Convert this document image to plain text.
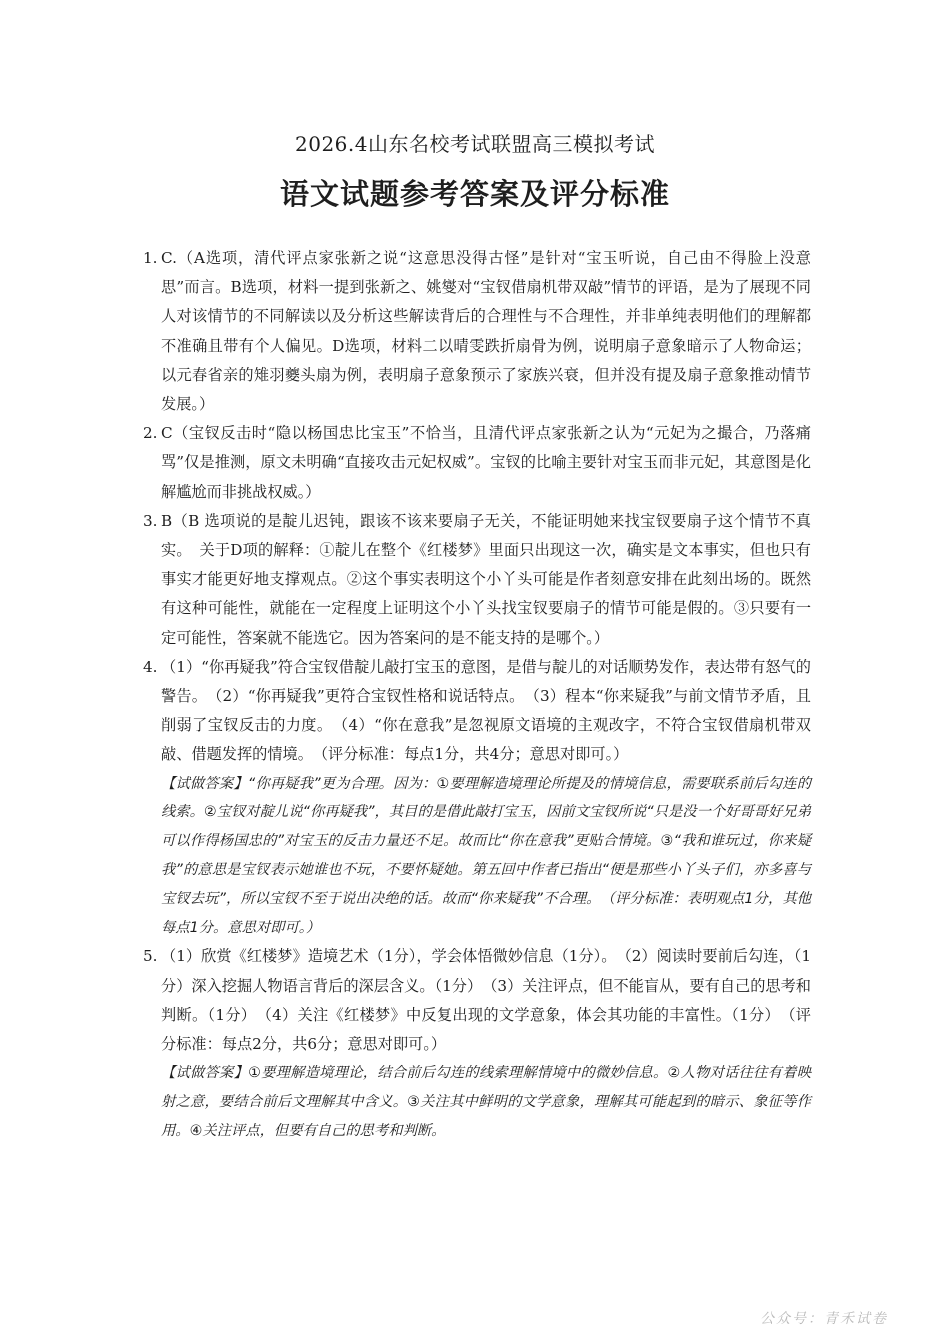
2026.4山东名校考试联盟高三模拟考试
语文试题参考答案及评分标准
1. C.（A选项，清代评点家张新之说“这意思没得古怪”是针对“宝玉听说，自己由不得脸上没意思”而言。B选项，材料一提到张新之、姚燮对“宝钗借扇机带双敲”情节的评语，是为了展现不同人对该情节的不同解读以及分析这些解读背后的合理性与不合理性，并非单纯表明他们的理解都不准确且带有个人偏见。D选项，材料二以晴雯跌折扇骨为例，说明扇子意象暗示了人物命运；以元春省亲的雉羽夔头扇为例，表明扇子意象预示了家族兴衰，但并没有提及扇子意象推动情节发展。）

2. C（宝钗反击时“隐以杨国忠比宝玉”不恰当，且清代评点家张新之认为“元妃为之撮合，乃落痛骂”仅是推测，原文未明确“直接攻击元妃权威”。宝钗的比喻主要针对宝玉而非元妃，其意图是化解尴尬而非挑战权威。）

3. B（B 选项说的是靛儿迟钝，跟该不该来要扇子无关，不能证明她来找宝钗要扇子这个情节不真实。　关于D项的解释：①靛儿在整个《红楼梦》里面只出现这一次，确实是文本事实，但也只有事实才能更好地支撑观点。②这个事实表明这个小丫头可能是作者刻意安排在此刻出场的。既然有这种可能性，就能在一定程度上证明这个小丫头找宝钗要扇子的情节可能是假的。③只要有一定可能性，答案就不能选它。因为答案问的是不能支持的是哪个。）

4. （1）“你再疑我”符合宝钗借靛儿敲打宝玉的意图，是借与靛儿的对话顺势发作，表达带有怒气的警告。　（2）“你再疑我”更符合宝钗性格和说话特点。　（3）程本“你来疑我”与前文情节矛盾，且削弱了宝钗反击的力度。　（4）“你在意我”是忽视原文语境的主观改字，不符合宝钗借扇机带双敲、借题发挥的情境。　（评分标准：每点1分，共4分；意思对即可。）

【试做答案】“你再疑我”更为合理。因为：①要理解造境理论所提及的情境信息，需要联系前后勾连的线索。②宝钗对靛儿说“你再疑我”，其目的是借此敲打宝玉，因前文宝钗所说“只是没一个好哥哥好兄弟可以作得杨国忠的”对宝玉的反击力量还不足。故而比“你在意我”更贴合情境。③“我和谁玩过，你来疑我”的意思是宝钗表示她谁也不玩，不要怀疑她。第五回中作者已指出“便是那些小丫头子们，亦多喜与宝钗去玩”，所以宝钗不至于说出决绝的话。故而“你来疑我”不合理。　（评分标准：表明观点1分，其他每点1分。意思对即可。）

5. （1）欣赏《红楼梦》造境艺术（1分），学会体悟微妙信息（1分）。　（2）阅读时要前后勾连，（1分）深入挖掘人物语言背后的深层含义。（1分）　（3）关注评点，但不能盲从，要有自己的思考和判断。（1分）　（4）关注《红楼梦》中反复出现的文学意象，体会其功能的丰富性。（1分）　（评分标准：每点2分，共6分；意思对即可。）

【试做答案】①要理解造境理论，结合前后勾连的线索理解情境中的微妙信息。②人物对话往往有着映射之意，要结合前后文理解其中含义。③关注其中鲜明的文学意象，理解其可能起到的暗示、象征等作用。④关注评点，但要有自己的思考和判断。

公众号：青禾试卷
